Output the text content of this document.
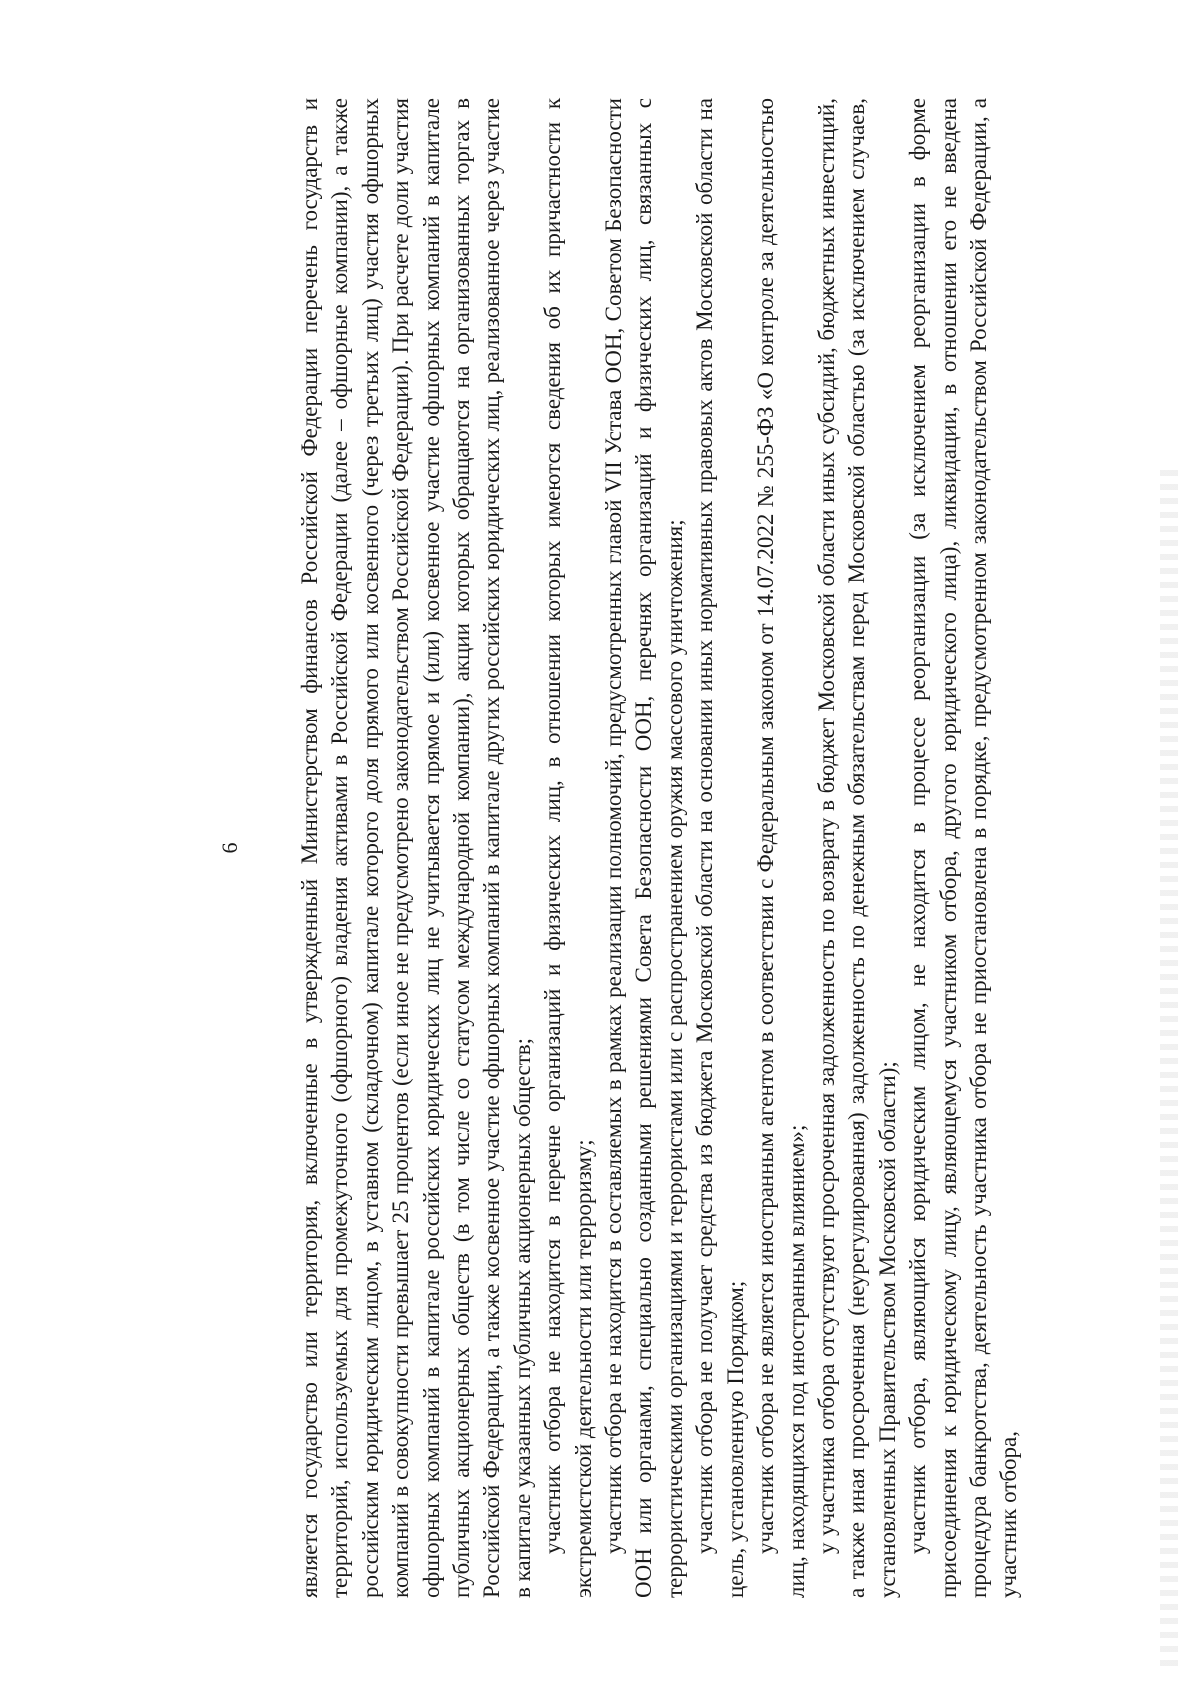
6	является государство или территория, включенные в утвержденный Министерством финансов Российской Федерации перечень государств и территорий, используемых для промежуточного (офшорного) владения активами в Российской Федерации (далее – офшорные компании), а также российским юридическим лицом, в уставном (складочном) капитале которого доля прямого или косвенного (через третьих лиц) участия офшорных компаний в совокупности превышает 25 процентов (если иное не предусмотрено законодательством Российской Федерации). При расчете доли участия офшорных компаний в капитале российских юридических лиц не учитывается прямое и (или) косвенное участие офшорных компаний в капитале публичных акционерных обществ (в том числе со статусом международной компании), акции которых обращаются на организованных торгах в Российской Федерации, а также косвенное участие офшорных компаний в капитале других российских юридических лиц, реализованное через участие в капитале указанных публичных акционерных обществ; участник отбора не находится в перечне организаций и физических лиц, в отношении которых имеются сведения об их причастности к экстремистской деятельности или терроризму; участник отбора не находится в составляемых в рамках реализации полномочий, предусмотренных главой VII Устава ООН, Советом Безопасности ООН или органами, специально созданными решениями Совета Безопасности ООН, перечнях организаций и физических лиц, связанных с террористическими организациями и террористами или с распространением оружия массового уничтожения; участник отбора не получает средства из бюджета Московской области на основании иных нормативных правовых актов Московской области на цель, установленную Порядком; участник отбора не является иностранным агентом в соответствии с Федеральным законом от 14.07.2022 № 255-ФЗ «О контроле за деятельностью лиц, находящихся под иностранным влиянием»; у участника отбора отсутствуют просроченная задолженность по возврату в бюджет Московской области иных субсидий, бюджетных инвестиций, а также иная просроченная (неурегулированная) задолженность по денежным обязательствам перед Московской областью (за исключением случаев, установленных Правительством Московской области); участник отбора, являющийся юридическим лицом, не находится в процессе реорганизации (за исключением реорганизации в форме присоединения к юридическому лицу, являющемуся участником отбора, другого юридического лица), ликвидации, в отношении его не введена процедура банкротства, деятельность участника отбора не приостановлена в порядке, предусмотренном законодательством Российской Федерации, а участник отбора,
